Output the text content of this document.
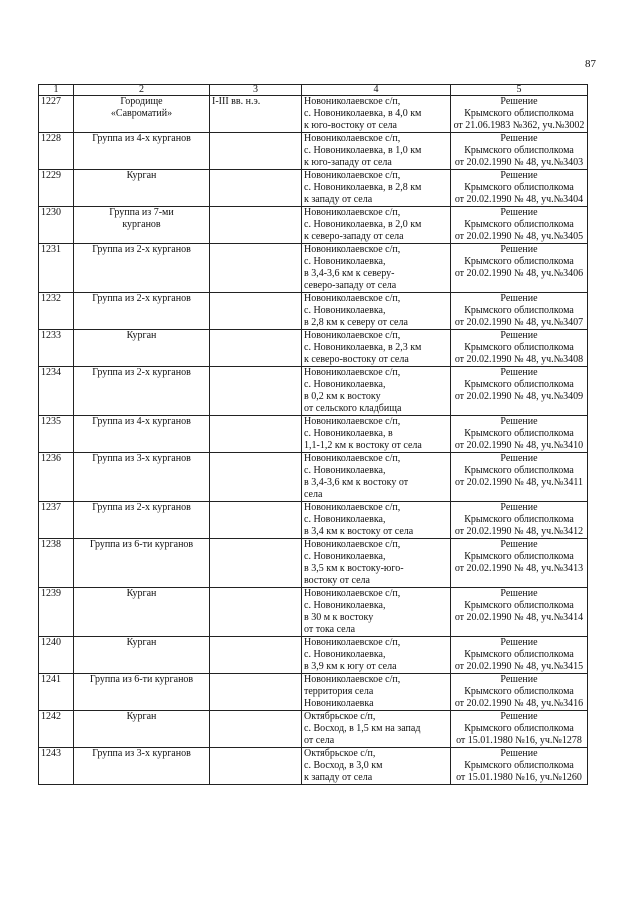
87
1	2	3	4	5
1227	Городище
«Савроматий»	I-III вв. н.э.	Новониколаевское с/п,
с. Новониколаевка, в 4,0 км
к юго-востоку от села	Решение
Крымского облисполкома
от 21.06.1983 №362, уч.№3002

1228	Группа из 4-х курганов		Новониколаевское с/п,
с. Новониколаевка, в 1,0 км
к юго-западу от села	Решение
Крымского облисполкома
от 20.02.1990 № 48, уч.№3403

1229	Курган		Новониколаевское с/п,
с. Новониколаевка, в 2,8 км
к западу от села	Решение
Крымского облисполкома
от 20.02.1990 № 48, уч.№3404

1230	Группа из 7-ми
курганов		Новониколаевское с/п,
с. Новониколаевка, в 2,0 км
к северо-западу от села	Решение
Крымского облисполкома
от 20.02.1990 № 48, уч.№3405

1231	Группа из 2-х курганов		Новониколаевское с/п,
с. Новониколаевка,
в 3,4-3,6 км к северу-
северо-западу от села	Решение
Крымского облисполкома
от 20.02.1990 № 48, уч.№3406

1232	Группа из 2-х курганов		Новониколаевское с/п,
с. Новониколаевка,
в 2,8 км к северу от села	Решение
Крымского облисполкома
от 20.02.1990 № 48, уч.№3407

1233	Курган		Новониколаевское с/п,
с. Новониколаевка, в 2,3 км
к северо-востоку от села	Решение
Крымского облисполкома
от 20.02.1990 № 48, уч.№3408

1234	Группа из 2-х курганов		Новониколаевское с/п,
с. Новониколаевка,
в 0,2 км к востоку
от сельского кладбища	Решение
Крымского облисполкома
от 20.02.1990 № 48, уч.№3409

1235	Группа из 4-х курганов		Новониколаевское с/п,
с. Новониколаевка, в
1,1-1,2 км к востоку от села	Решение
Крымского облисполкома
от 20.02.1990 № 48, уч.№3410

1236	Группа из 3-х курганов		Новониколаевское с/п,
с. Новониколаевка,
в 3,4-3,6 км к востоку от
села	Решение
Крымского облисполкома
от 20.02.1990 № 48, уч.№3411

1237	Группа из 2-х курганов		Новониколаевское с/п,
с. Новониколаевка,
в 3,4 км к востоку от села	Решение
Крымского облисполкома
от 20.02.1990 № 48, уч.№3412

1238	Группа из 6-ти курганов		Новониколаевское с/п,
с. Новониколаевка,
в 3,5 км к востоку-юго-
востоку от села	Решение
Крымского облисполкома
от 20.02.1990 № 48, уч.№3413

1239	Курган		Новониколаевское с/п,
с. Новониколаевка,
в 30 м к востоку
от тока села	Решение
Крымского облисполкома
от 20.02.1990 № 48, уч.№3414

1240	Курган		Новониколаевское с/п,
с. Новониколаевка,
в 3,9 км к югу от села	Решение
Крымского облисполкома
от 20.02.1990 № 48, уч.№3415

1241	Группа из 6-ти курганов		Новониколаевское с/п,
территория села
Новониколаевка	Решение
Крымского облисполкома
от 20.02.1990 № 48, уч.№3416

1242	Курган		Октябрьское с/п,
с. Восход, в 1,5 км на запад
от села	Решение
Крымского облисполкома
от 15.01.1980 №16, уч.№1278

1243	Группа из 3-х курганов		Октябрьское с/п,
с. Восход, в 3,0 км
к западу от села	Решение
Крымского облисполкома
от 15.01.1980 №16, уч.№1260
